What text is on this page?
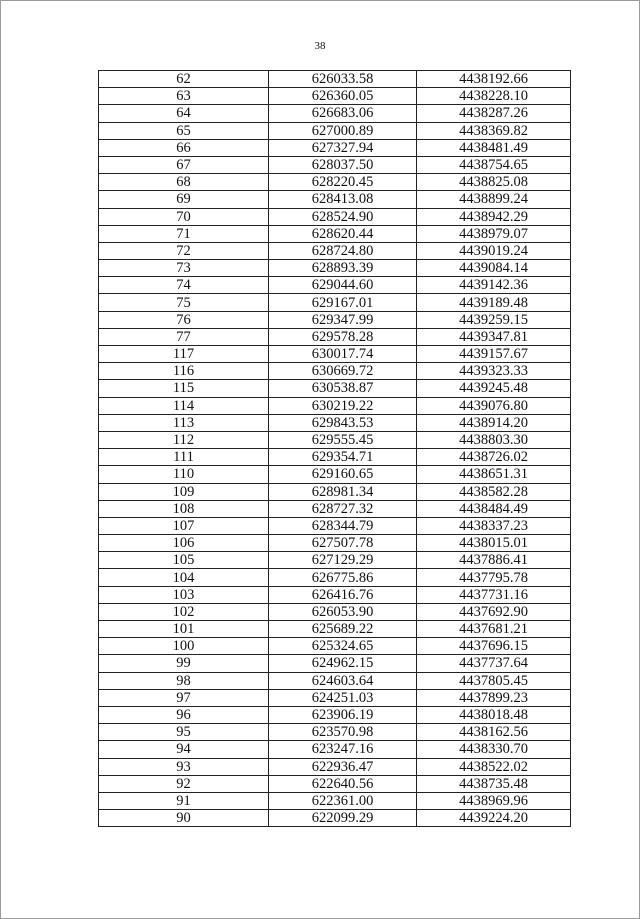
38
62	626033.58	4438192.66
63	626360.05	4438228.10
64	626683.06	4438287.26
65	627000.89	4438369.82
66	627327.94	4438481.49
67	628037.50	4438754.65
68	628220.45	4438825.08
69	628413.08	4438899.24
70	628524.90	4438942.29
71	628620.44	4438979.07
72	628724.80	4439019.24
73	628893.39	4439084.14
74	629044.60	4439142.36
75	629167.01	4439189.48
76	629347.99	4439259.15
77	629578.28	4439347.81
117	630017.74	4439157.67
116	630669.72	4439323.33
115	630538.87	4439245.48
114	630219.22	4439076.80
113	629843.53	4438914.20
112	629555.45	4438803.30
111	629354.71	4438726.02
110	629160.65	4438651.31
109	628981.34	4438582.28
108	628727.32	4438484.49
107	628344.79	4438337.23
106	627507.78	4438015.01
105	627129.29	4437886.41
104	626775.86	4437795.78
103	626416.76	4437731.16
102	626053.90	4437692.90
101	625689.22	4437681.21
100	625324.65	4437696.15
99	624962.15	4437737.64
98	624603.64	4437805.45
97	624251.03	4437899.23
96	623906.19	4438018.48
95	623570.98	4438162.56
94	623247.16	4438330.70
93	622936.47	4438522.02
92	622640.56	4438735.48
91	622361.00	4438969.96
90	622099.29	4439224.20
